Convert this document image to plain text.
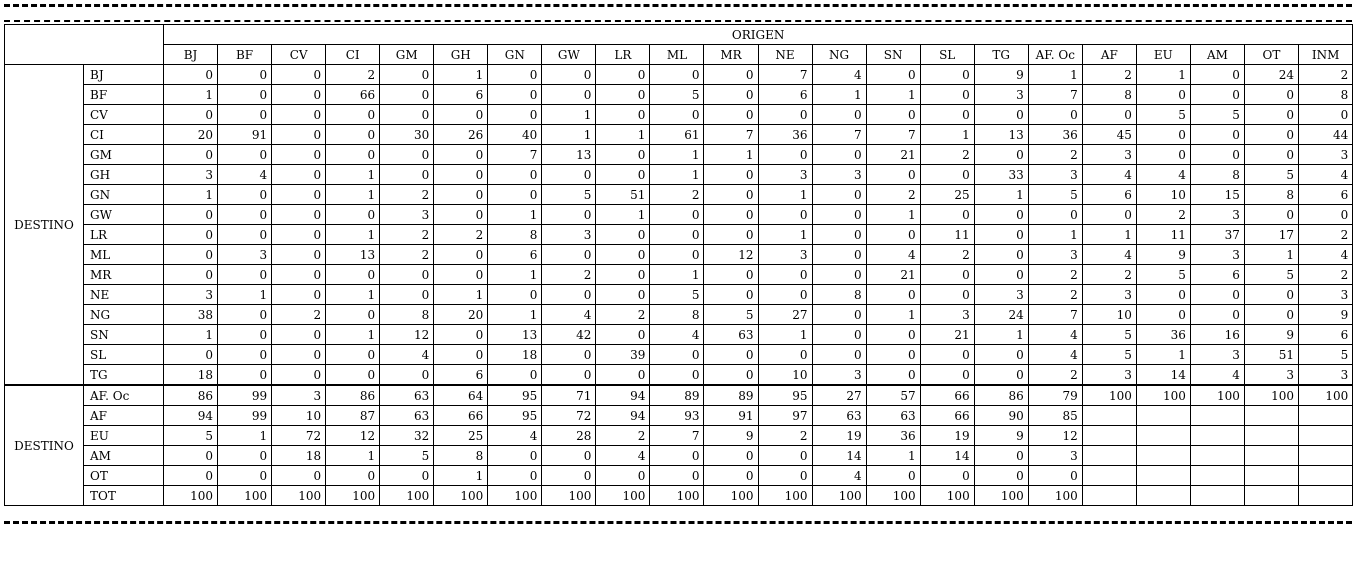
		ORIGEN																					
		BJ	BF	CV	CI	GM	GH	GN	GW	LR	ML	MR	NE	NG	SN	SL	TG	AF. Oc	AF	EU	AM	OT	INM
DESTINO	BJ	0	0	0	2	0	1	0	0	0	0	0	7	4	0	0	9	1	2	1	0	24	2
	BF	1	0	0	66	0	6	0	0	0	5	0	6	1	1	0	3	7	8	0	0	0	8
	CV	0	0	0	0	0	0	0	1	0	0	0	0	0	0	0	0	0	0	5	5	0	0
	CI	20	91	0	0	30	26	40	1	1	61	7	36	7	7	1	13	36	45	0	0	0	44
	GM	0	0	0	0	0	0	7	13	0	1	1	0	0	21	2	0	2	3	0	0	0	3
	GH	3	4	0	1	0	0	0	0	0	1	0	3	3	0	0	33	3	4	4	8	5	4
	GN	1	0	0	1	2	0	0	5	51	2	0	1	0	2	25	1	5	6	10	15	8	6
	GW	0	0	0	0	3	0	1	0	1	0	0	0	0	1	0	0	0	0	2	3	0	0
	LR	0	0	0	1	2	2	8	3	0	0	0	1	0	0	11	0	1	1	11	37	17	2
	ML	0	3	0	13	2	0	6	0	0	0	12	3	0	4	2	0	3	4	9	3	1	4
	MR	0	0	0	0	0	0	1	2	0	1	0	0	0	21	0	0	2	2	5	6	5	2
	NE	3	1	0	1	0	1	0	0	0	5	0	0	8	0	0	3	2	3	0	0	0	3
	NG	38	0	2	0	8	20	1	4	2	8	5	27	0	1	3	24	7	10	0	0	0	9
	SN	1	0	0	1	12	0	13	42	0	4	63	1	0	0	21	1	4	5	36	16	9	6
	SL	0	0	0	0	4	0	18	0	39	0	0	0	0	0	0	0	4	5	1	3	51	5
	TG	18	0	0	0	0	6	0	0	0	0	0	10	3	0	0	0	2	3	14	4	3	3
DESTINO	AF. Oc	86	99	3	86	63	64	95	71	94	89	89	95	27	57	66	86	79	100	100	100	100	100
	AF	94	99	10	87	63	66	95	72	94	93	91	97	63	63	66	90	85					
	EU	5	1	72	12	32	25	4	28	2	7	9	2	19	36	19	9	12					
	AM	0	0	18	1	5	8	0	0	4	0	0	0	14	1	14	0	3					
	OT	0	0	0	0	0	1	0	0	0	0	0	0	4	0	0	0	0					
	TOT	100	100	100	100	100	100	100	100	100	100	100	100	100	100	100	100	100					
